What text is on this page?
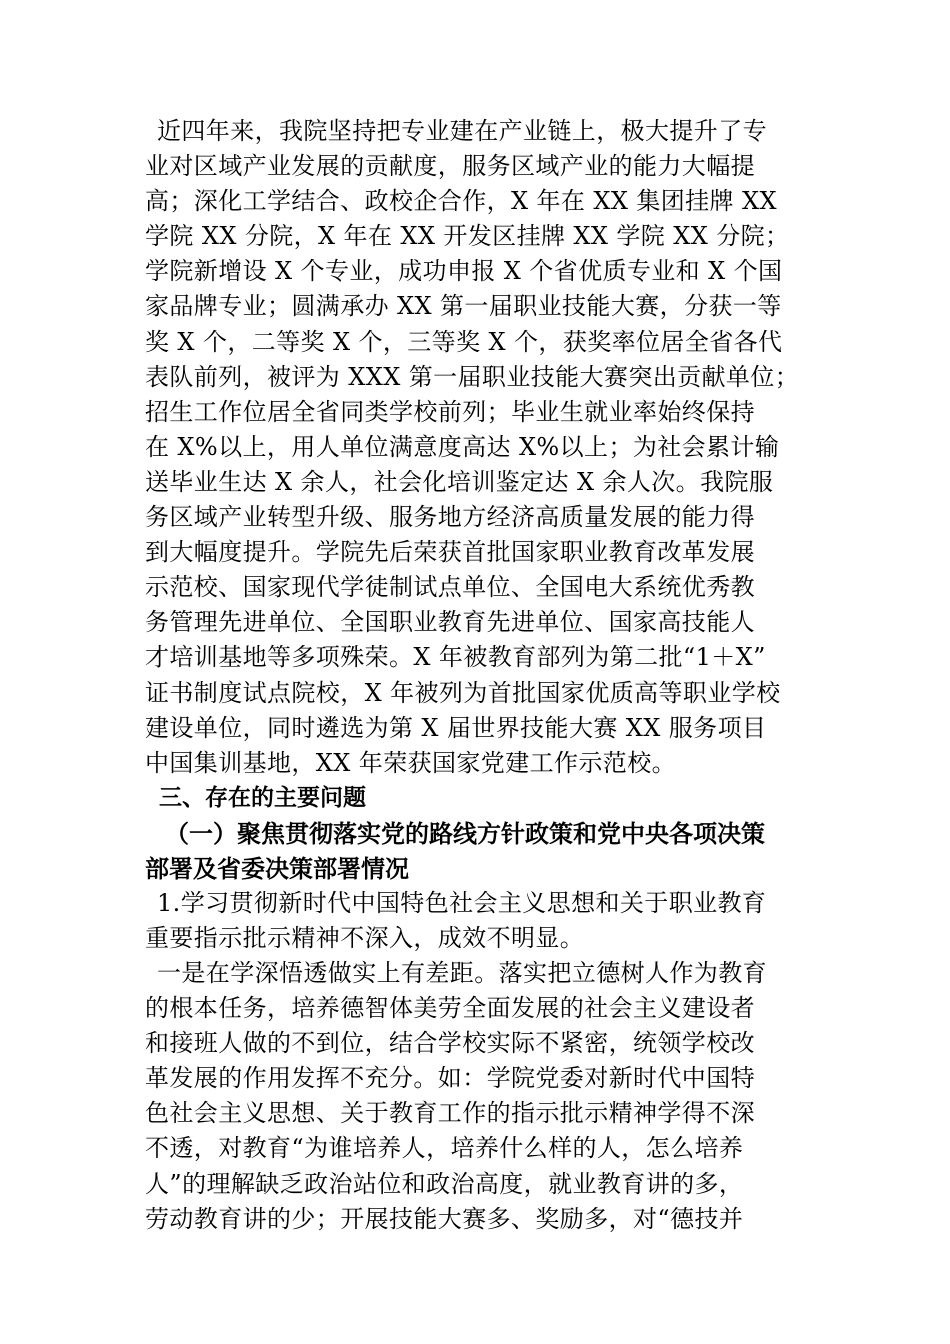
近四年来，我院坚持把专业建在产业链上，极大提升了专
业对区域产业发展的贡献度，服务区域产业的能力大幅提
高；深化工学结合、政校企合作，X 年在 XX 集团挂牌 XX
学院 XX 分院，X 年在 XX 开发区挂牌 XX 学院 XX 分院；
学院新增设 X 个专业，成功申报 X 个省优质专业和 X 个国
家品牌专业；圆满承办 XX 第一届职业技能大赛，分获一等
奖 X 个，二等奖 X 个，三等奖 X 个，获奖率位居全省各代
表队前列，被评为 XXX 第一届职业技能大赛突出贡献单位；
招生工作位居全省同类学校前列；毕业生就业率始终保持
在 X%以上，用人单位满意度高达 X%以上；为社会累计输
送毕业生达 X 余人，社会化培训鉴定达 X 余人次。我院服
务区域产业转型升级、服务地方经济高质量发展的能力得
到大幅度提升。学院先后荣获首批国家职业教育改革发展
示范校、国家现代学徒制试点单位、全国电大系统优秀教
务管理先进单位、全国职业教育先进单位、国家高技能人
才培训基地等多项殊荣。X 年被教育部列为第二批“1＋X”
证书制度试点院校，X 年被列为首批国家优质高等职业学校
建设单位，同时遴选为第 X 届世界技能大赛 XX 服务项目
中国集训基地，XX 年荣获国家党建工作示范校。
三、存在的主要问题
（一）聚焦贯彻落实党的路线方针政策和党中央各项决策
部署及省委决策部署情况
1.学习贯彻新时代中国特色社会主义思想和关于职业教育
重要指示批示精神不深入，成效不明显。
一是在学深悟透做实上有差距。落实把立德树人作为教育
的根本任务，培养德智体美劳全面发展的社会主义建设者
和接班人做的不到位，结合学校实际不紧密，统领学校改
革发展的作用发挥不充分。如：学院党委对新时代中国特
色社会主义思想、关于教育工作的指示批示精神学得不深
不透，对教育“为谁培养人，培养什么样的人，怎么培养
人”的理解缺乏政治站位和政治高度，就业教育讲的多，
劳动教育讲的少；开展技能大赛多、奖励多，对“德技并
